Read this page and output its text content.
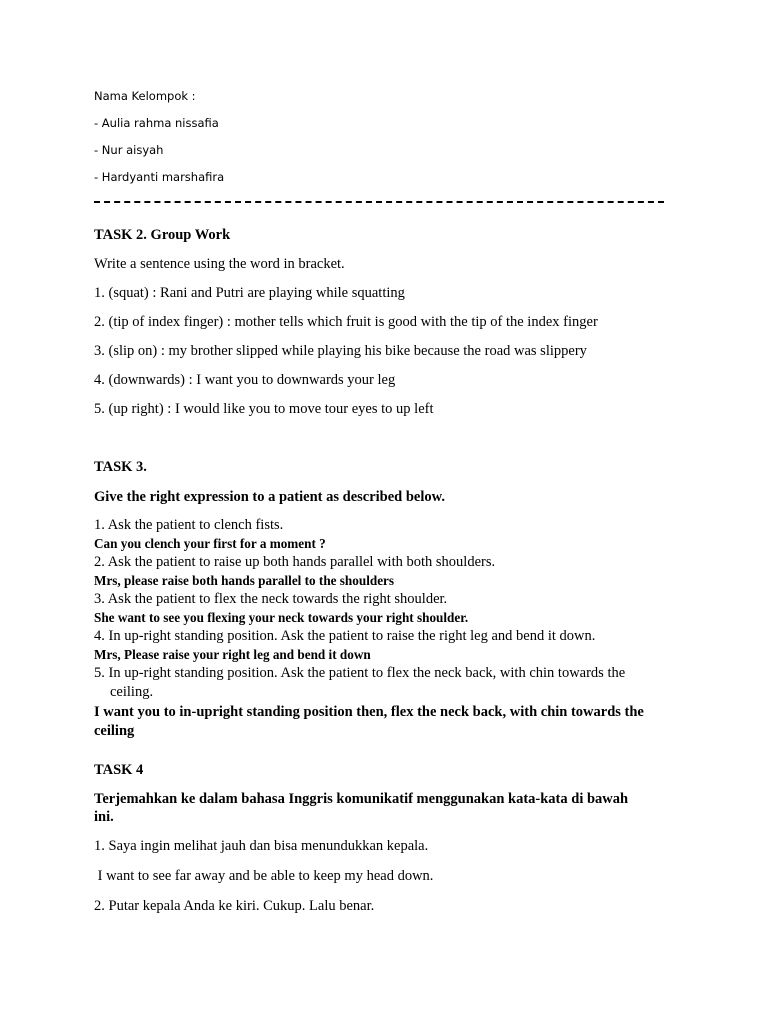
Nama Kelompok :
- Aulia rahma nissafia
- Nur aisyah
- Hardyanti marshafira
TASK 2. Group Work
Write a sentence using the word in bracket.
1. (squat) : Rani and Putri are playing while squatting
2. (tip of index finger) : mother tells which fruit is good with the tip of the index finger
3. (slip on) : my brother slipped while playing his bike because the road was slippery
4. (downwards) : I want you to downwards your leg
5. (up right) : I would like you to move tour eyes to up left
TASK 3.
Give the right expression to a patient as described below.
1. Ask the patient to clench fists.
Can you clench your first for a moment ?
2. Ask the patient to raise up both hands parallel with both shoulders.
Mrs, please raise both hands parallel to the shoulders
3. Ask the patient to flex the neck towards the right shoulder.
She want to see you flexing your neck towards your right shoulder.
4. In up-right standing position. Ask the patient to raise the right leg and bend it down.
Mrs, Please raise your right leg and bend it down
5. In up-right standing position. Ask the patient to flex the neck back, with chin towards the
ceiling.
I want you to in-upright standing position then, flex the neck back, with chin towards the
ceiling
TASK 4
Terjemahkan ke dalam bahasa Inggris komunikatif menggunakan kata-kata di bawah
ini.
1. Saya ingin melihat jauh dan bisa menundukkan kepala.
I want to see far away and be able to keep my head down.
2. Putar kepala Anda ke kiri. Cukup. Lalu benar.
